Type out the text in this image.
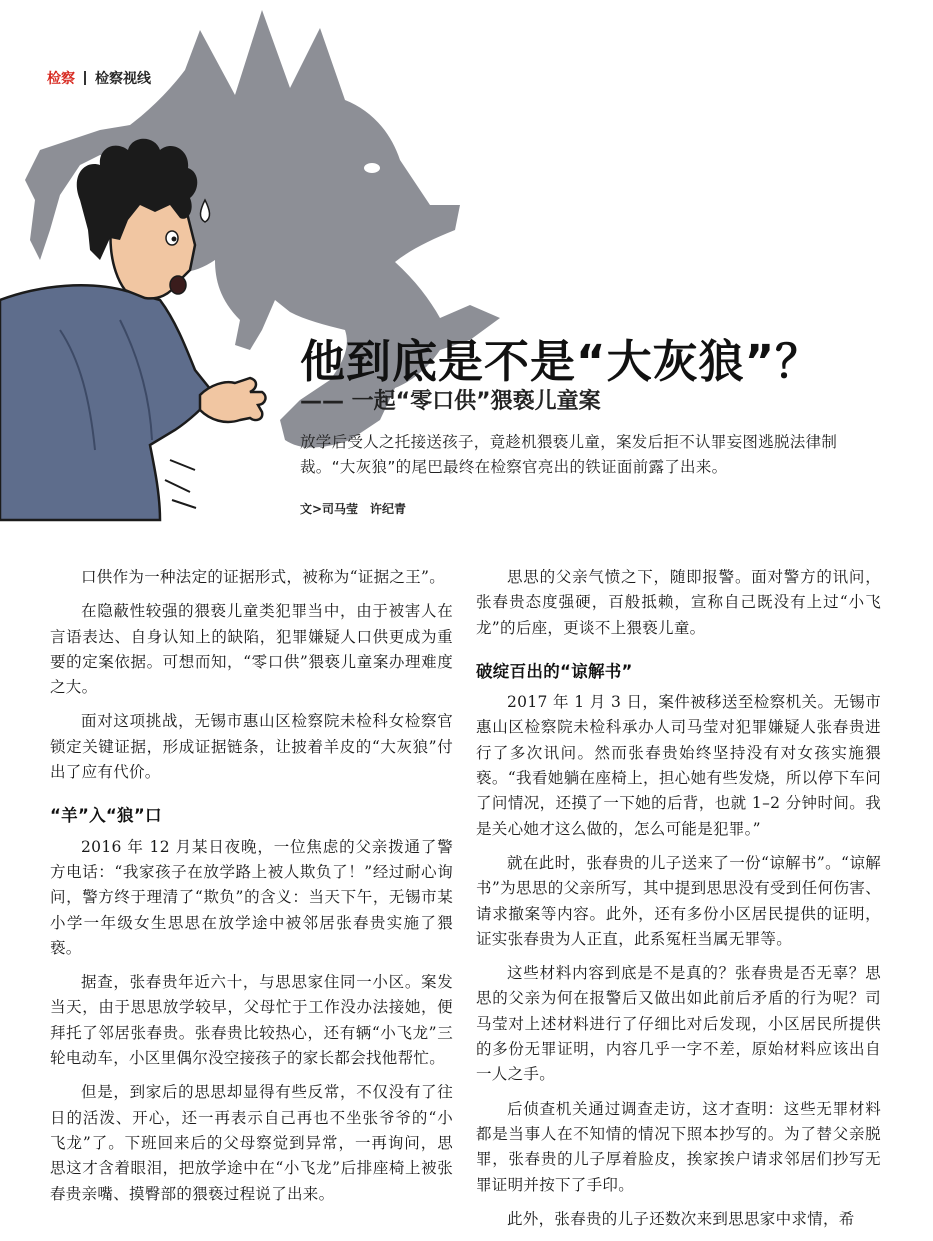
检察 检察视线
他到底是不是“大灰狼”？
—— 一起“零口供”猥亵儿童案

放学后受人之托接送孩子，竟趁机猥亵儿童，案发后拒不认罪妄图逃脱法律制裁。“大灰狼”的尾巴最终在检察官亮出的铁证面前露了出来。

文>司马莹　许纪青

口供作为一种法定的证据形式，被称为“证据之王”。

在隐蔽性较强的猥亵儿童类犯罪当中，由于被害人在言语表达、自身认知上的缺陷，犯罪嫌疑人口供更成为重要的定案依据。可想而知，“零口供”猥亵儿童案办理难度之大。

面对这项挑战，无锡市惠山区检察院未检科女检察官锁定关键证据，形成证据链条，让披着羊皮的“大灰狼”付出了应有代价。

“羊”入“狼”口

2016 年 12 月某日夜晚，一位焦虑的父亲拨通了警方电话：“我家孩子在放学路上被人欺负了！”经过耐心询问，警方终于理清了“欺负”的含义：当天下午，无锡市某小学一年级女生思思在放学途中被邻居张春贵实施了猥亵。

据查，张春贵年近六十，与思思家住同一小区。案发当天，由于思思放学较早，父母忙于工作没办法接她，便拜托了邻居张春贵。张春贵比较热心，还有辆“小飞龙”三轮电动车，小区里偶尔没空接孩子的家长都会找他帮忙。

但是，到家后的思思却显得有些反常，不仅没有了往日的活泼、开心，还一再表示自己再也不坐张爷爷的“小飞龙”了。下班回来后的父母察觉到异常，一再询问，思思这才含着眼泪，把放学途中在“小飞龙”后排座椅上被张春贵亲嘴、摸臀部的猥亵过程说了出来。

思思的父亲气愤之下，随即报警。面对警方的讯问，张春贵态度强硬，百般抵赖，宣称自己既没有上过“小飞龙”的后座，更谈不上猥亵儿童。

破绽百出的“谅解书”

2017 年 1 月 3 日，案件被移送至检察机关。无锡市惠山区检察院未检科承办人司马莹对犯罪嫌疑人张春贵进行了多次讯问。然而张春贵始终坚持没有对女孩实施猥亵。“我看她躺在座椅上，担心她有些发烧，所以停下车问了问情况，还摸了一下她的后背，也就 1–2 分钟时间。我是关心她才这么做的，怎么可能是犯罪。”

就在此时，张春贵的儿子送来了一份“谅解书”。“谅解书”为思思的父亲所写，其中提到思思没有受到任何伤害、请求撤案等内容。此外，还有多份小区居民提供的证明，证实张春贵为人正直，此系冤枉当属无罪等。

这些材料内容到底是不是真的？张春贵是否无辜？思思的父亲为何在报警后又做出如此前后矛盾的行为呢？司马莹对上述材料进行了仔细比对后发现，小区居民所提供的多份无罪证明，内容几乎一字不差，原始材料应该出自一人之手。

后侦查机关通过调查走访，这才查明：这些无罪材料都是当事人在不知情的情况下照本抄写的。为了替父亲脱罪，张春贵的儿子厚着脸皮，挨家挨户请求邻居们抄写无罪证明并按下了手印。

此外，张春贵的儿子还数次来到思思家中求情，希
